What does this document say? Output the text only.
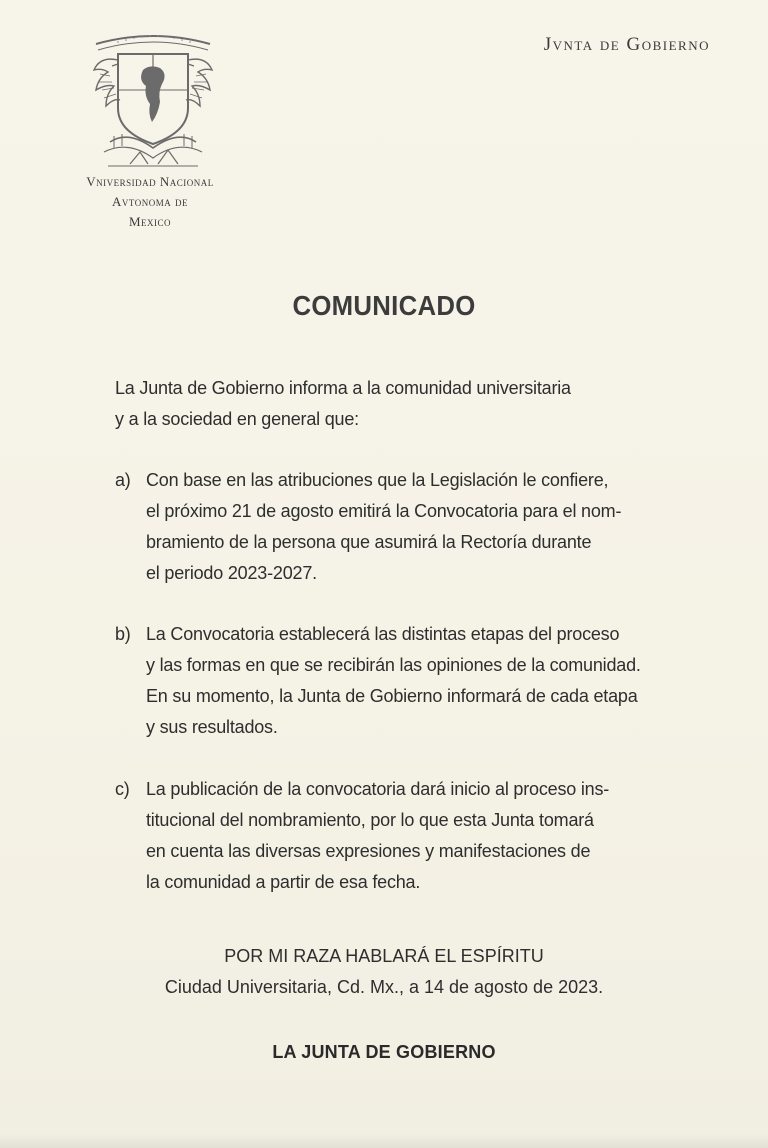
Vniversidad Nacional
Avtonoma de
Mexico
Jvnta de Gobierno
COMUNICADO
La Junta de Gobierno informa a la comunidad universitaria
y a la sociedad en general que:
a) Con base en las atribuciones que la Legislación le confiere,
el próximo 21 de agosto emitirá la Convocatoria para el nom-
bramiento de la persona que asumirá la Rectoría durante
el periodo 2023-2027.
b) La Convocatoria establecerá las distintas etapas del proceso
y las formas en que se recibirán las opiniones de la comunidad.
En su momento, la Junta de Gobierno informará de cada etapa
y sus resultados.
c) La publicación de la convocatoria dará inicio al proceso ins-
titucional del nombramiento, por lo que esta Junta tomará
en cuenta las diversas expresiones y manifestaciones de
la comunidad a partir de esa fecha.
POR MI RAZA HABLARÁ EL ESPÍRITU
Ciudad Universitaria, Cd. Mx., a 14 de agosto de 2023.
LA JUNTA DE GOBIERNO
